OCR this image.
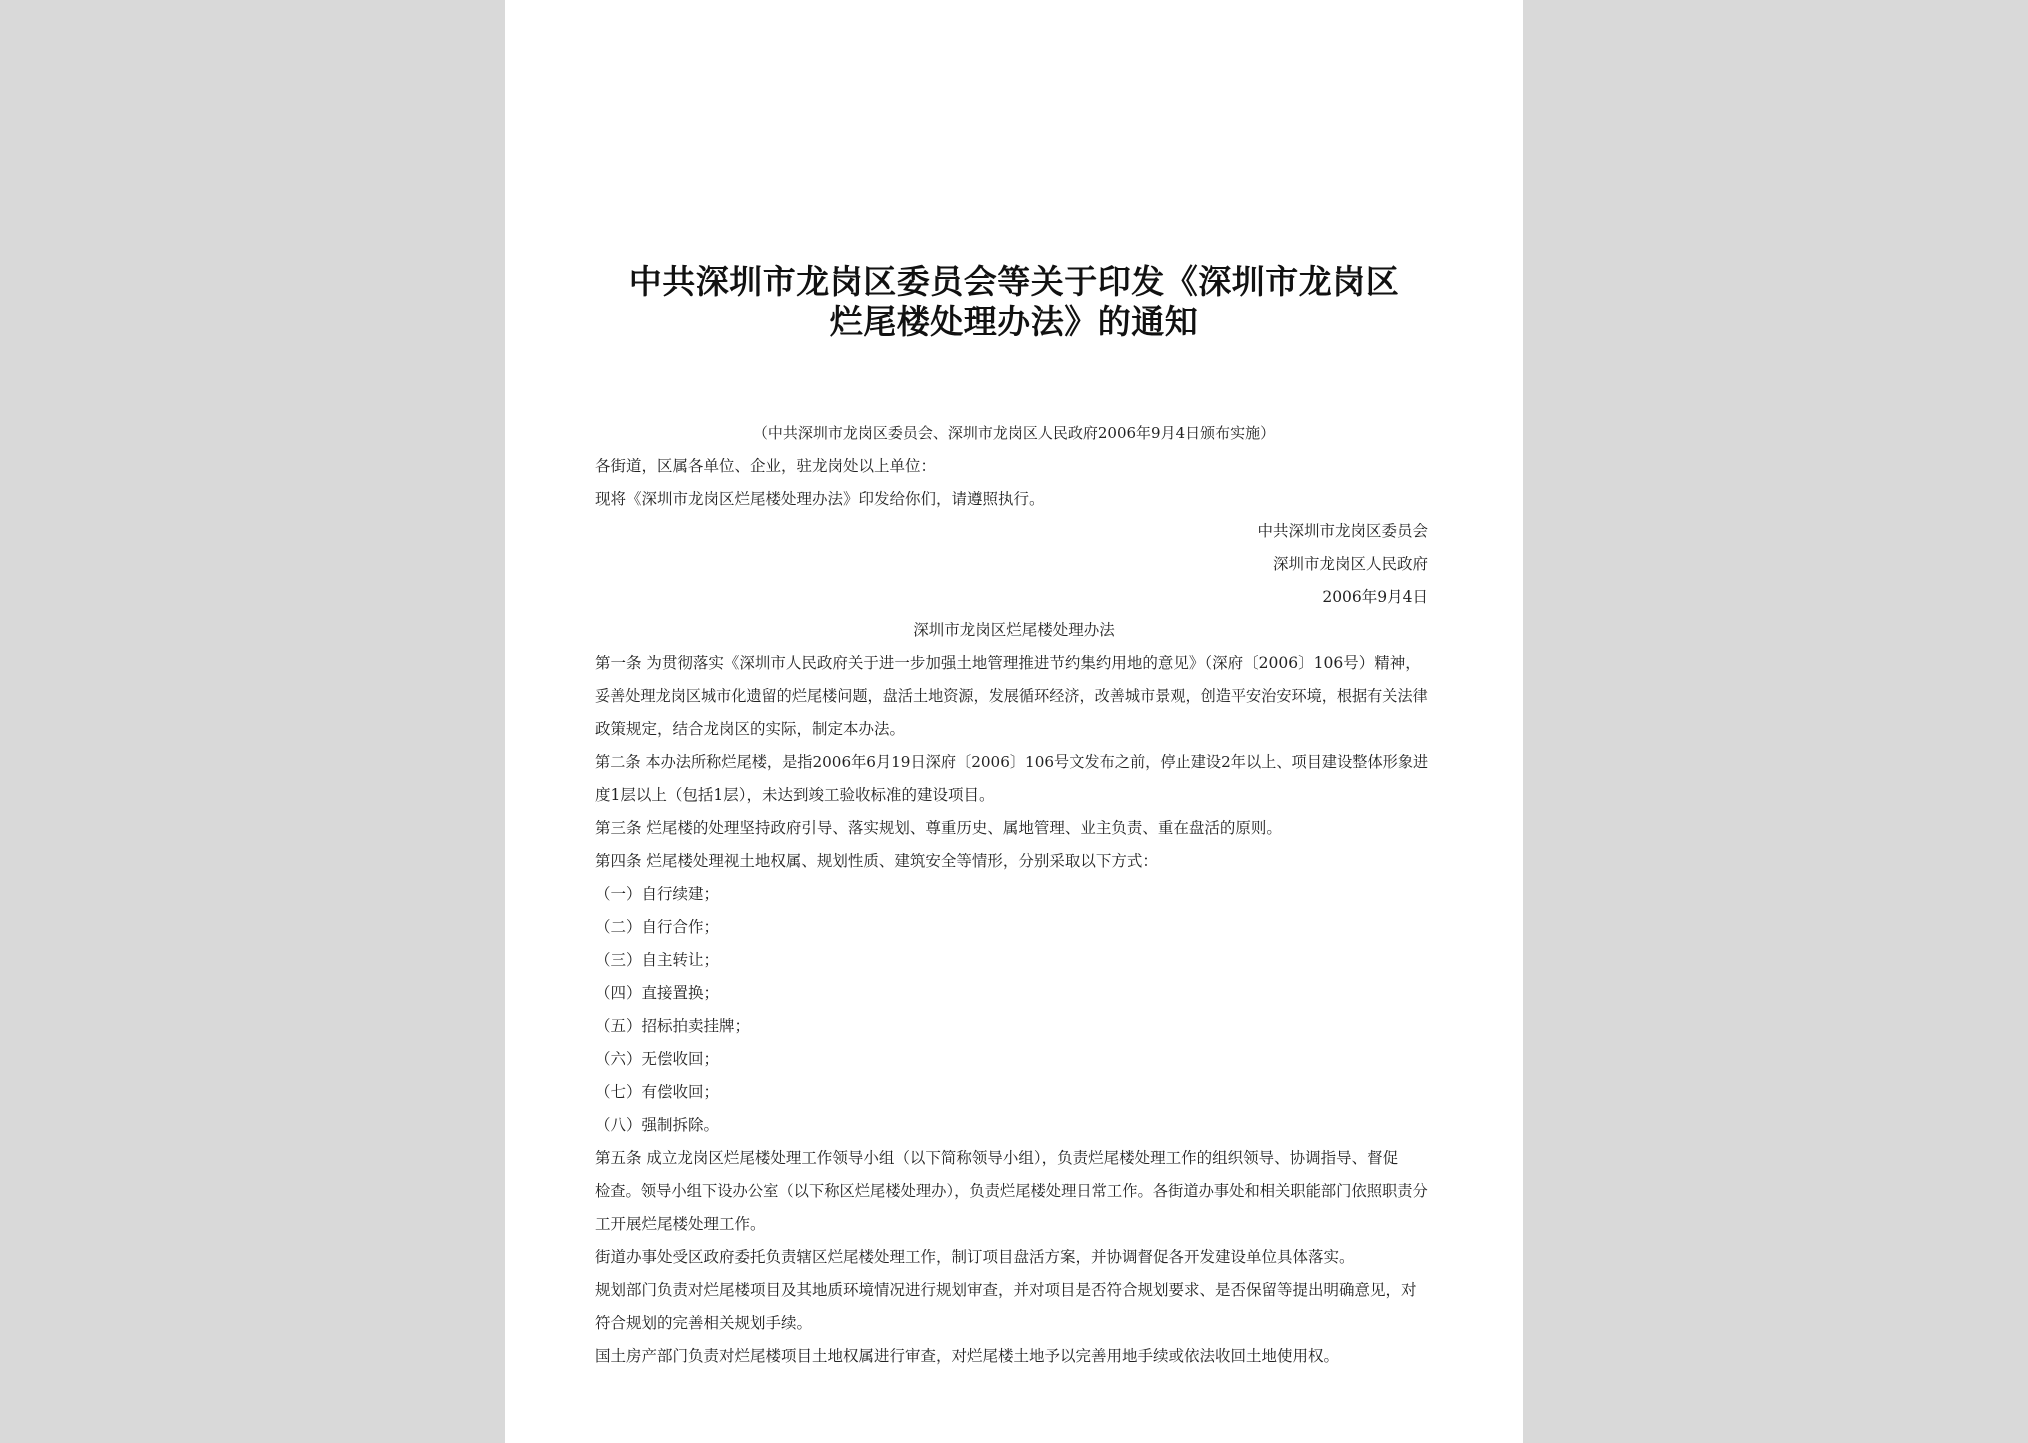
中共深圳市龙岗区委员会等关于印发《深圳市龙岗区
烂尾楼处理办法》的通知
（中共深圳市龙岗区委员会、深圳市龙岗区人民政府2006年9月4日颁布实施）
各街道，区属各单位、企业，驻龙岗处以上单位：
现将《深圳市龙岗区烂尾楼处理办法》印发给你们，请遵照执行。
中共深圳市龙岗区委员会
深圳市龙岗区人民政府
2006年9月4日
深圳市龙岗区烂尾楼处理办法
第一条 为贯彻落实《深圳市人民政府关于进一步加强土地管理推进节约集约用地的意见》（深府〔2006〕106号）精神，
妥善处理龙岗区城市化遗留的烂尾楼问题，盘活土地资源，发展循环经济，改善城市景观，创造平安治安环境，根据有关法律
政策规定，结合龙岗区的实际，制定本办法。
第二条 本办法所称烂尾楼，是指2006年6月19日深府〔2006〕106号文发布之前，停止建设2年以上、项目建设整体形象进
度1层以上（包括1层），未达到竣工验收标准的建设项目。
第三条 烂尾楼的处理坚持政府引导、落实规划、尊重历史、属地管理、业主负责、重在盘活的原则。
第四条 烂尾楼处理视土地权属、规划性质、建筑安全等情形，分别采取以下方式：
（一）自行续建；
（二）自行合作；
（三）自主转让；
（四）直接置换；
（五）招标拍卖挂牌；
（六）无偿收回；
（七）有偿收回；
（八）强制拆除。
第五条 成立龙岗区烂尾楼处理工作领导小组（以下简称领导小组），负责烂尾楼处理工作的组织领导、协调指导、督促
检查。领导小组下设办公室（以下称区烂尾楼处理办），负责烂尾楼处理日常工作。各街道办事处和相关职能部门依照职责分
工开展烂尾楼处理工作。
街道办事处受区政府委托负责辖区烂尾楼处理工作，制订项目盘活方案，并协调督促各开发建设单位具体落实。
规划部门负责对烂尾楼项目及其地质环境情况进行规划审查，并对项目是否符合规划要求、是否保留等提出明确意见，对
符合规划的完善相关规划手续。
国土房产部门负责对烂尾楼项目土地权属进行审查，对烂尾楼土地予以完善用地手续或依法收回土地使用权。
